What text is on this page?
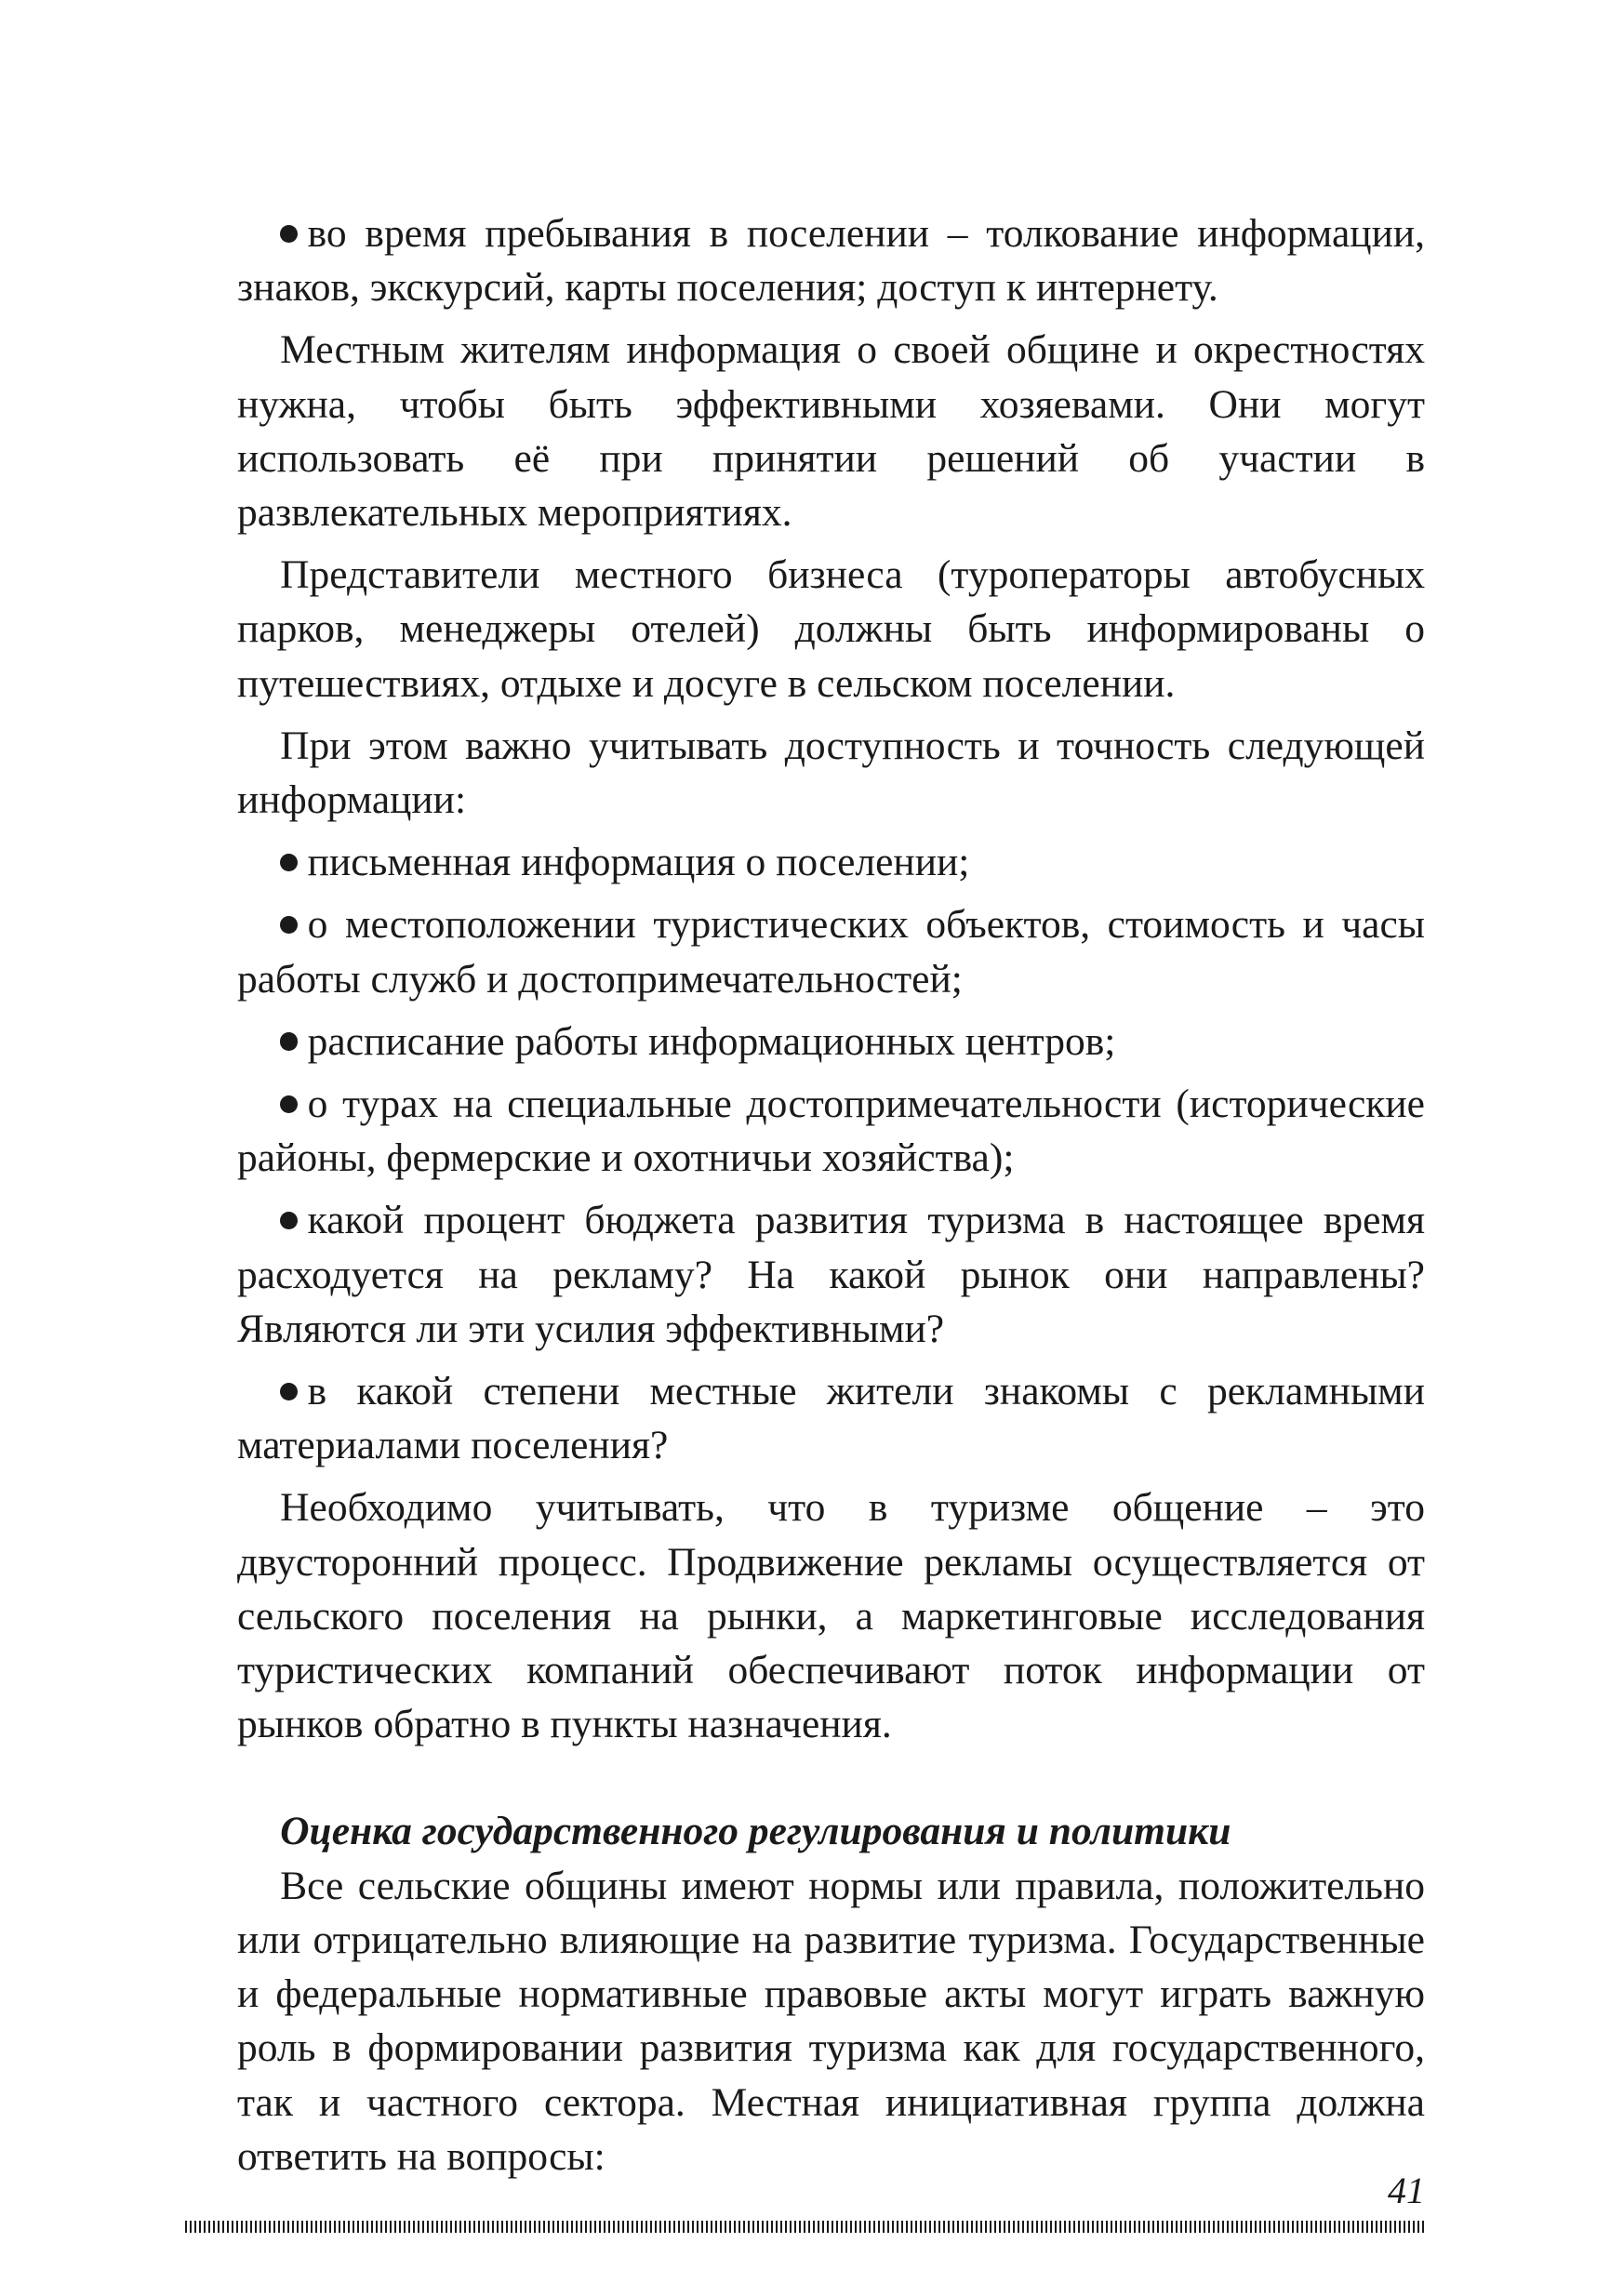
во время пребывания в поселении – толкование информации, знаков, экскурсий, карты поселения; доступ к интернету.

Местным жителям информация о своей общине и окрестностях нужна, чтобы быть эффективными хозяевами. Они могут использовать её при принятии решений об участии в развлекательных мероприятиях.

Представители местного бизнеса (туроператоры автобусных парков, менеджеры отелей) должны быть информированы о путешествиях, отдыхе и досуге в сельском поселении.

При этом важно учитывать доступность и точность следующей информации:

письменная информация о поселении;

о местоположении туристических объектов, стоимость и часы работы служб и достопримечательностей;

расписание работы информационных центров;

о турах на специальные достопримечательности (исторические районы, фермерские и охотничьи хозяйства);

какой процент бюджета развития туризма в настоящее время расходуется на рекламу? На какой рынок они направлены? Являются ли эти усилия эффективными?

в какой степени местные жители знакомы с рекламными материалами поселения?

Необходимо учитывать, что в туризме общение – это двусторонний процесс. Продвижение рекламы осуществляется от сельского поселения на рынки, а маркетинговые исследования туристических компаний обеспечивают поток информации от рынков обратно в пункты назначения.

Оценка государственного регулирования и политики

Все сельские общины имеют нормы или правила, положительно или отрицательно влияющие на развитие туризма. Государственные и федеральные нормативные правовые акты могут играть важную роль в формировании развития туризма как для государственного, так и частного сектора. Местная инициативная группа должна ответить на вопросы:

41
